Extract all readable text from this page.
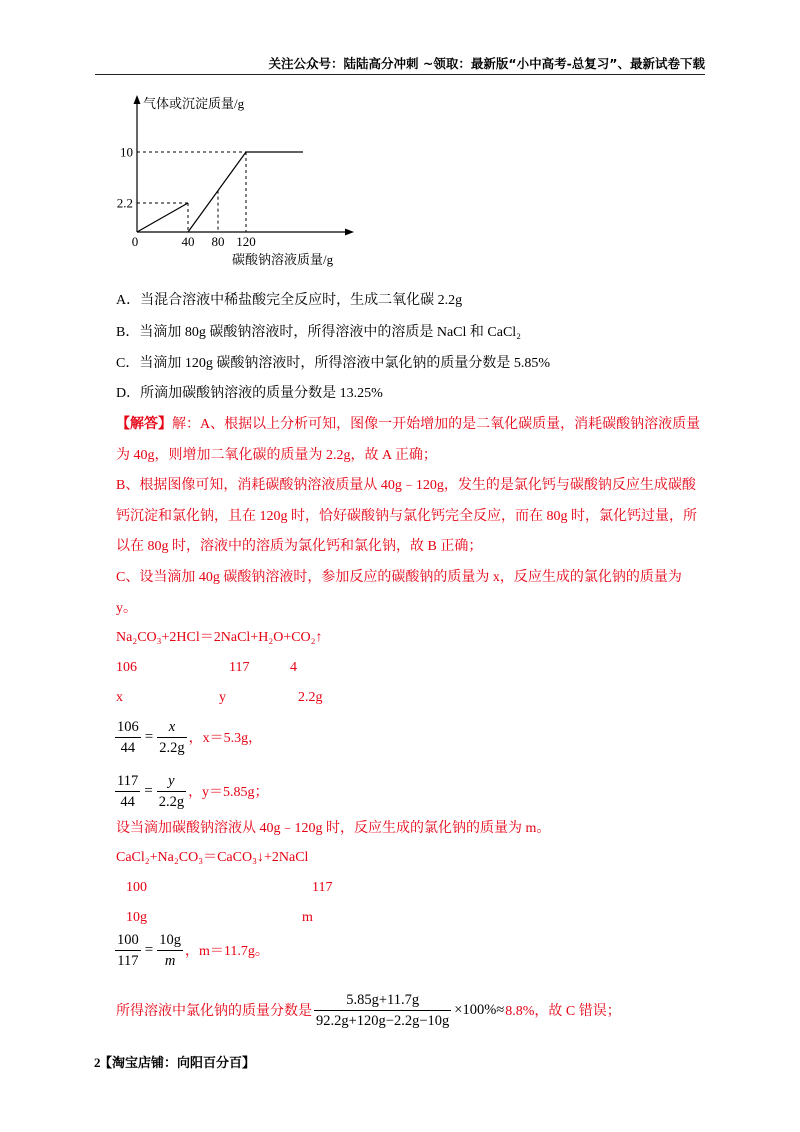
关注公众号：陆陆高分冲刺 ~领取：最新版“小中高考-总复习”、最新试卷下载
0	40 80 120
2.2
10
气体或沉淀质量/g
碳酸钠溶液质量/g
A．当混合溶液中稀盐酸完全反应时，生成二氧化碳 2.2g
B．当滴加 80g 碳酸钠溶液时，所得溶液中的溶质是 NaCl 和 CaCl₂
C．当滴加 120g 碳酸钠溶液时，所得溶液中氯化钠的质量分数是 5.85%
D．所滴加碳酸钠溶液的质量分数是 13.25%
【解答】解：A、根据以上分析可知，图像一开始增加的是二氧化碳质量，消耗碳酸钠溶液质量
为 40g，则增加二氧化碳的质量为 2.2g，故 A 正确；
B、根据图像可知，消耗碳酸钠溶液质量从 40g﹣120g，发生的是氯化钙与碳酸钠反应生成碳酸
钙沉淀和氯化钠，且在 120g 时，恰好碳酸钠与氯化钙完全反应，而在 80g 时，氯化钙过量，所
以在 80g 时，溶液中的溶质为氯化钙和氯化钠，故 B 正确；
C、设当滴加 40g 碳酸钠溶液时，参加反应的碳酸钠的质量为 x，反应生成的氯化钠的质量为
y。
Na₂CO₃+2HCl＝2NaCl+H₂O+CO₂↑
106	117	4
x	y	2.2g
$\frac{106}{44} = \frac{x}{2.2g}$ ，x＝5.3g，
$\frac{117}{44} = \frac{y}{2.2g}$ ，y＝5.85g；
设当滴加碳酸钠溶液从 40g﹣120g 时，反应生成的氯化钠的质量为 m。
CaCl₂+Na₂CO₃＝CaCO₃↓+2NaCl
100	117
10g	m
$\frac{100}{117} = \frac{10g}{m}$ ，m＝11.7g。
所得溶液中氯化钠的质量分数是 $\frac{5.85g+11.7g}{92.2g+120g-2.2g-10g} \times 100\%\approx 8.8\%$，故 C 错误；
2
【淘宝店铺：向阳百分百】
